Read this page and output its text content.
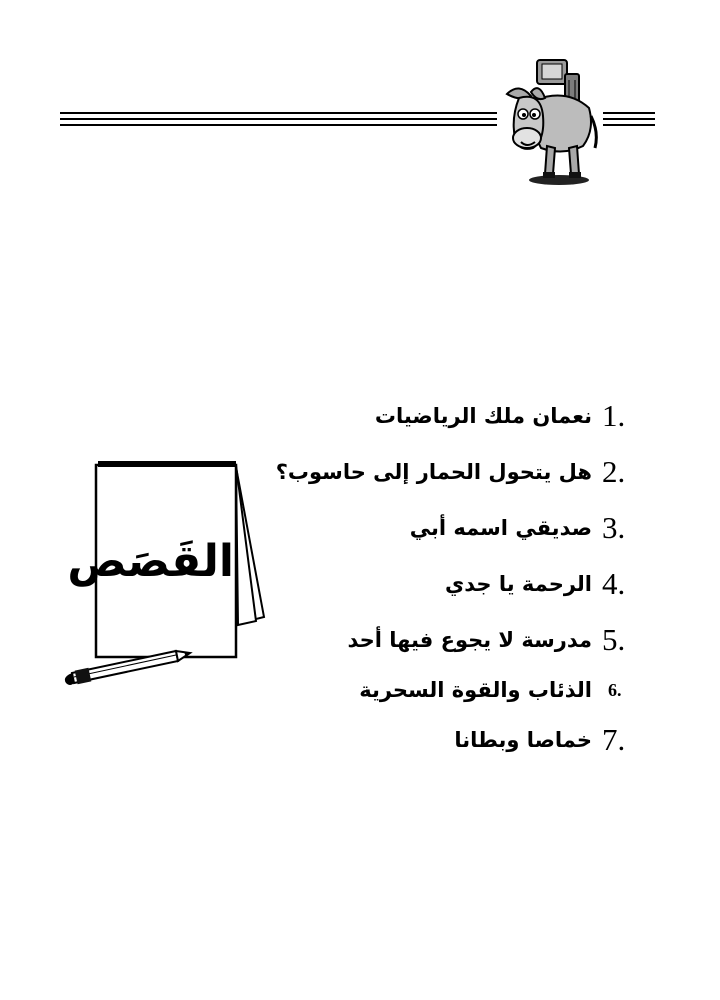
القَصَص
نعمان ملك الرياضيات 1.
هل يتحول الحمار إلى حاسوب؟ 2.
صديقي اسمه أبي 3.
الرحمة يا جدي 4.
مدرسة لا يجوع فيها أحد 5.
الذئاب والقوة السحرية 6.
خماصا وبطانا 7.
